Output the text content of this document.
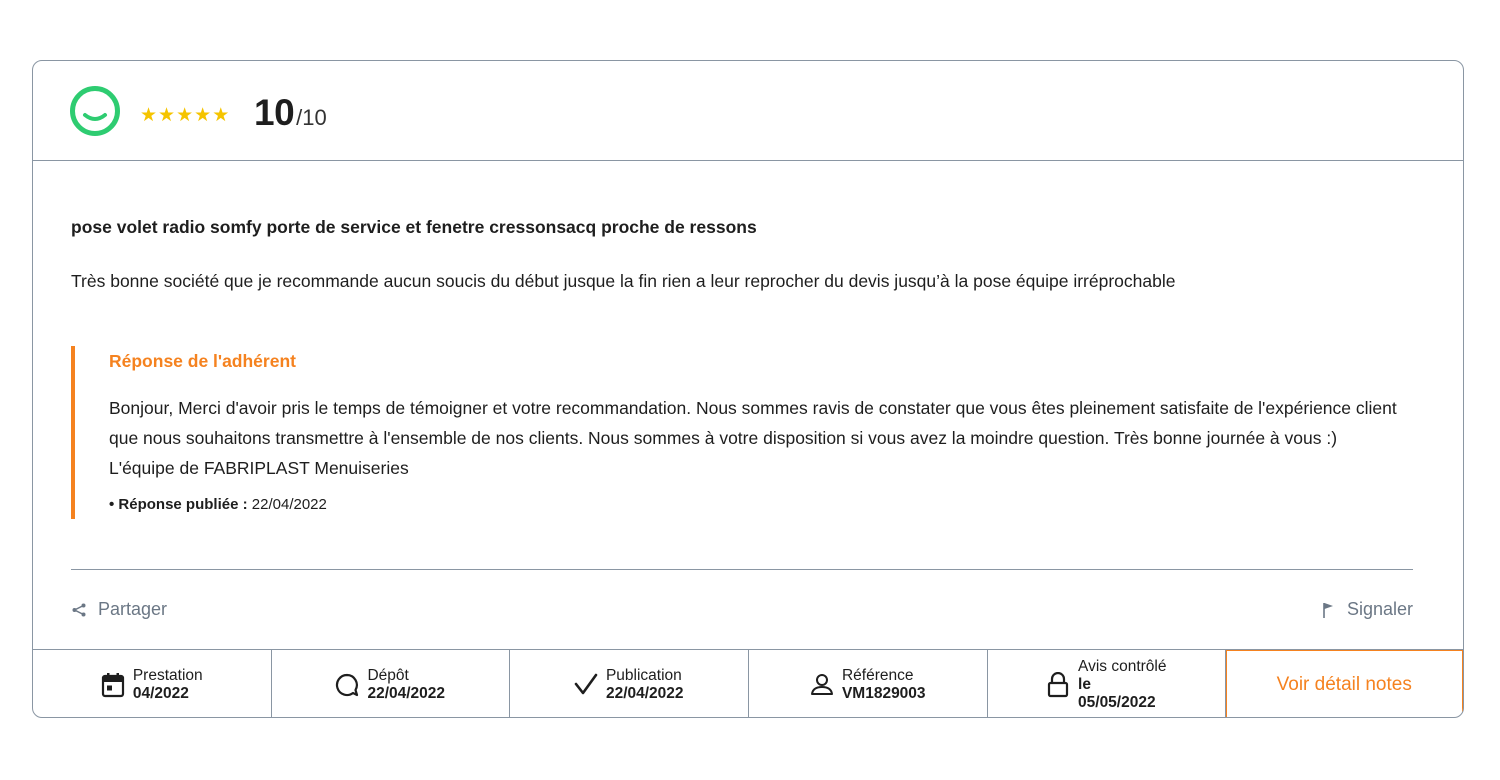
★ ★ ★ ★ ★ 10 /10
pose volet radio somfy porte de service et fenetre cressonsacq proche de ressons
Très bonne société que je recommande aucun soucis du début jusque la fin rien a leur reprocher du devis jusqu’à la pose équipe irréprochable
Réponse de l'adhérent
Bonjour, Merci d'avoir pris le temps de témoigner et votre recommandation. Nous sommes ravis de constater que vous êtes pleinement satisfaite de l'expérience client que nous souhaitons transmettre à l'ensemble de nos clients. Nous sommes à votre disposition si vous avez la moindre question. Très bonne journée à vous :) L'équipe de FABRIPLAST Menuiseries
• Réponse publiée : 22/04/2022
Partager	Signaler
Prestation
04/2022
Dépôt
22/04/2022
Publication
22/04/2022
Référence
VM1829003
Avis contrôlé
le
05/05/2022
Voir détail notes
